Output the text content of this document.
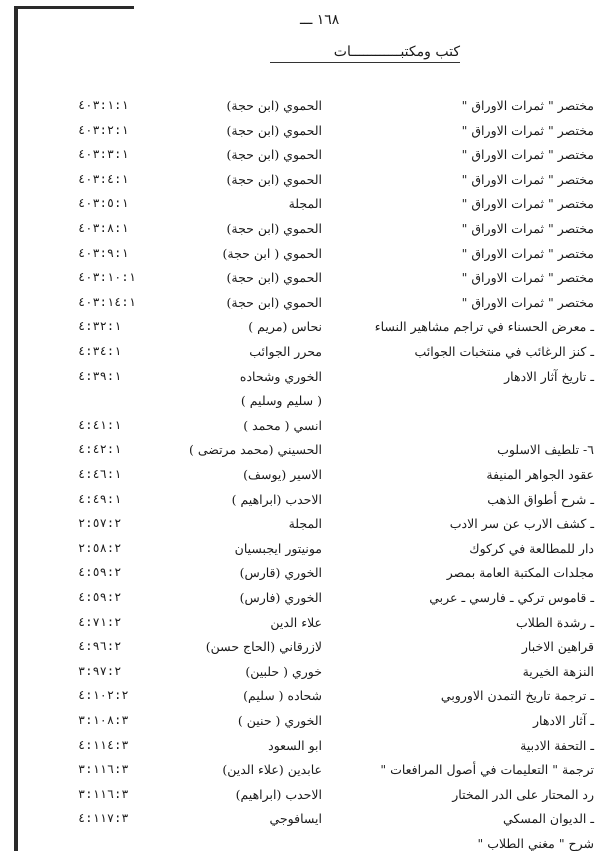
١٦٨ ـــ
كتب ومكتبــــــــــــات
مختصر " ثمرات الاوراق "
الحموي (ابن حجة)
٤٠٣:١:١
مختصر " ثمرات الاوراق "
الحموي (ابن حجة)
٤٠٣:٢:١
مختصر " ثمرات الاوراق "
الحموي (ابن حجة)
٤٠٣:٣:١
مختصر " ثمرات الاوراق "
الحموي (ابن حجة)
٤٠٣:٤:١
مختصر " ثمرات الاوراق "
المجلة
٤٠٣:٥:١
مختصر " ثمرات الاوراق "
الحموي (ابن حجة)
٤٠٣:٨:١
مختصر " ثمرات الاوراق "
الحموي ( ابن حجة)
٤٠٣:٩:١
مختصر " ثمرات الاوراق "
الحموي (ابن حجة)
٤٠٣:١٠:١
مختصر " ثمرات الاوراق "
الحموي (ابن حجة)
٤٠٣:١٤:١
ـ معرض الحسناء في تراجم مشاهير النساء
نحاس (مريم )
٤:٣٢:١
ـ كنز الرغائب في منتخبات الجوائب
محرر الجوائب
٤:٣٤:١
ـ تاريخ آثار الادهار
الخوري وشحاده
٤:٣٩:١
( سليم وسليم )
انسي ( محمد )
٤:٤١:١
٦- تلطيف الاسلوب
الحسيني (محمد مرتضى )
٤:٤٢:١
عقود الجواهر المنيفة
الاسير (يوسف)
٤:٤٦:١
ـ شرح أطواق الذهب
الاحدب (ابراهيم )
٤:٤٩:١
ـ كشف الارب عن سر الادب
المجلة
٢:٥٧:٢
دار للمطالعة في كركوك
مونيتور ايجبسيان
٢:٥٨:٢
مجلدات المكتبة العامة بمصر
الخوري (قارس)
٤:٥٩:٢
ـ قاموس تركي ـ فارسي ـ عربي
الخوري (فارس)
٤:٥٩:٢
ـ رشدة الطلاب
علاء الدين
٤:٧١:٢
قراهين الاخبار
لازرقاني (الحاج حسن)
٤:٩٦:٢
النزهة الخيرية
خوري ( حلبين)
٣:٩٧:٢
ـ ترجمة تاريخ التمدن الاوروبي
شحاده ( سليم)
٤:١٠٢:٢
ـ آثار الادهار
الخوري ( حنين )
٣:١٠٨:٣
ـ التحفة الادبية
ابو السعود
٤:١١٤:٣
ترجمة " التعليمات في أصول المرافعات "
عابدين (علاء الدين)
٣:١١٦:٣
رد المحتار على الدر المختار
الاحدب (ابراهيم)
٣:١١٦:٣
ـ الديوان المسكي
ايسافوجي
٤:١١٧:٣
شرح " مغني الطلاب "
